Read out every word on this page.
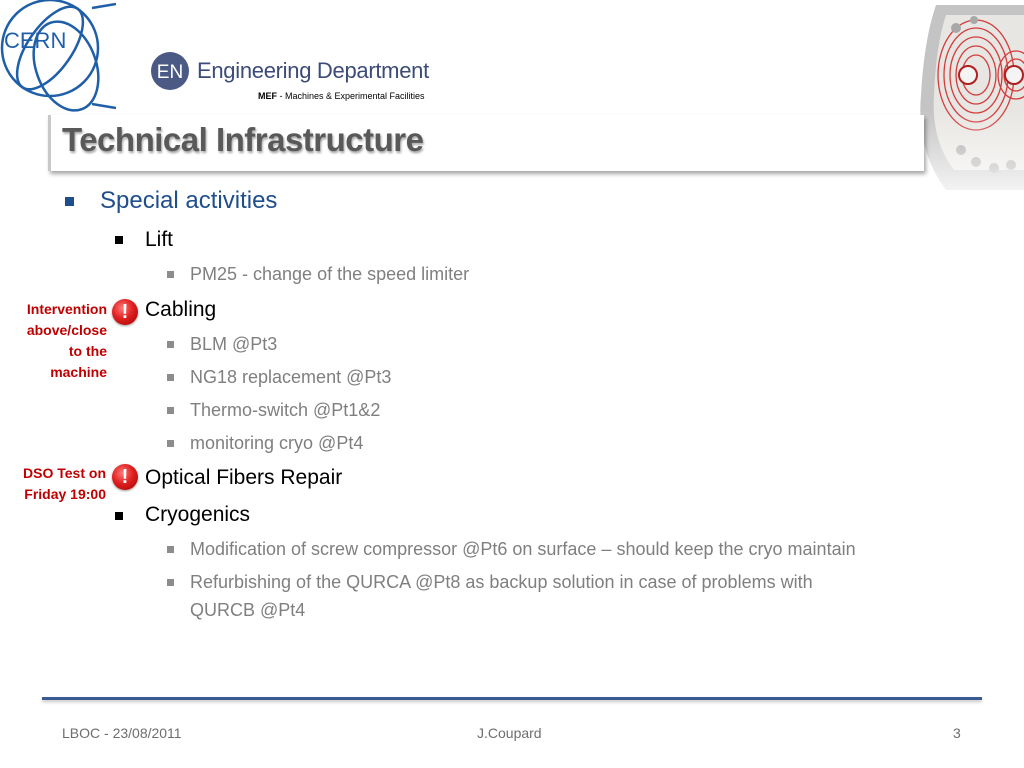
CERN
EN Engineering Department
MEF - Machines & Experimental Facilities
Technical Infrastructure
Special activities
Lift
PM25 - change of the speed limiter
! Cabling
BLM @Pt3
NG18 replacement @Pt3
Thermo-switch @Pt1&2
monitoring cryo @Pt4
! Optical Fibers Repair
Cryogenics
Modification of screw compressor @Pt6 on surface – should keep the cryo maintain
Refurbishing of the QURCA @Pt8 as backup solution in case of problems with
QURCB @Pt4
Intervention
above/close
to the
machine
DSO Test on
Friday 19:00
LBOC - 23/08/2011	J.Coupard	3
